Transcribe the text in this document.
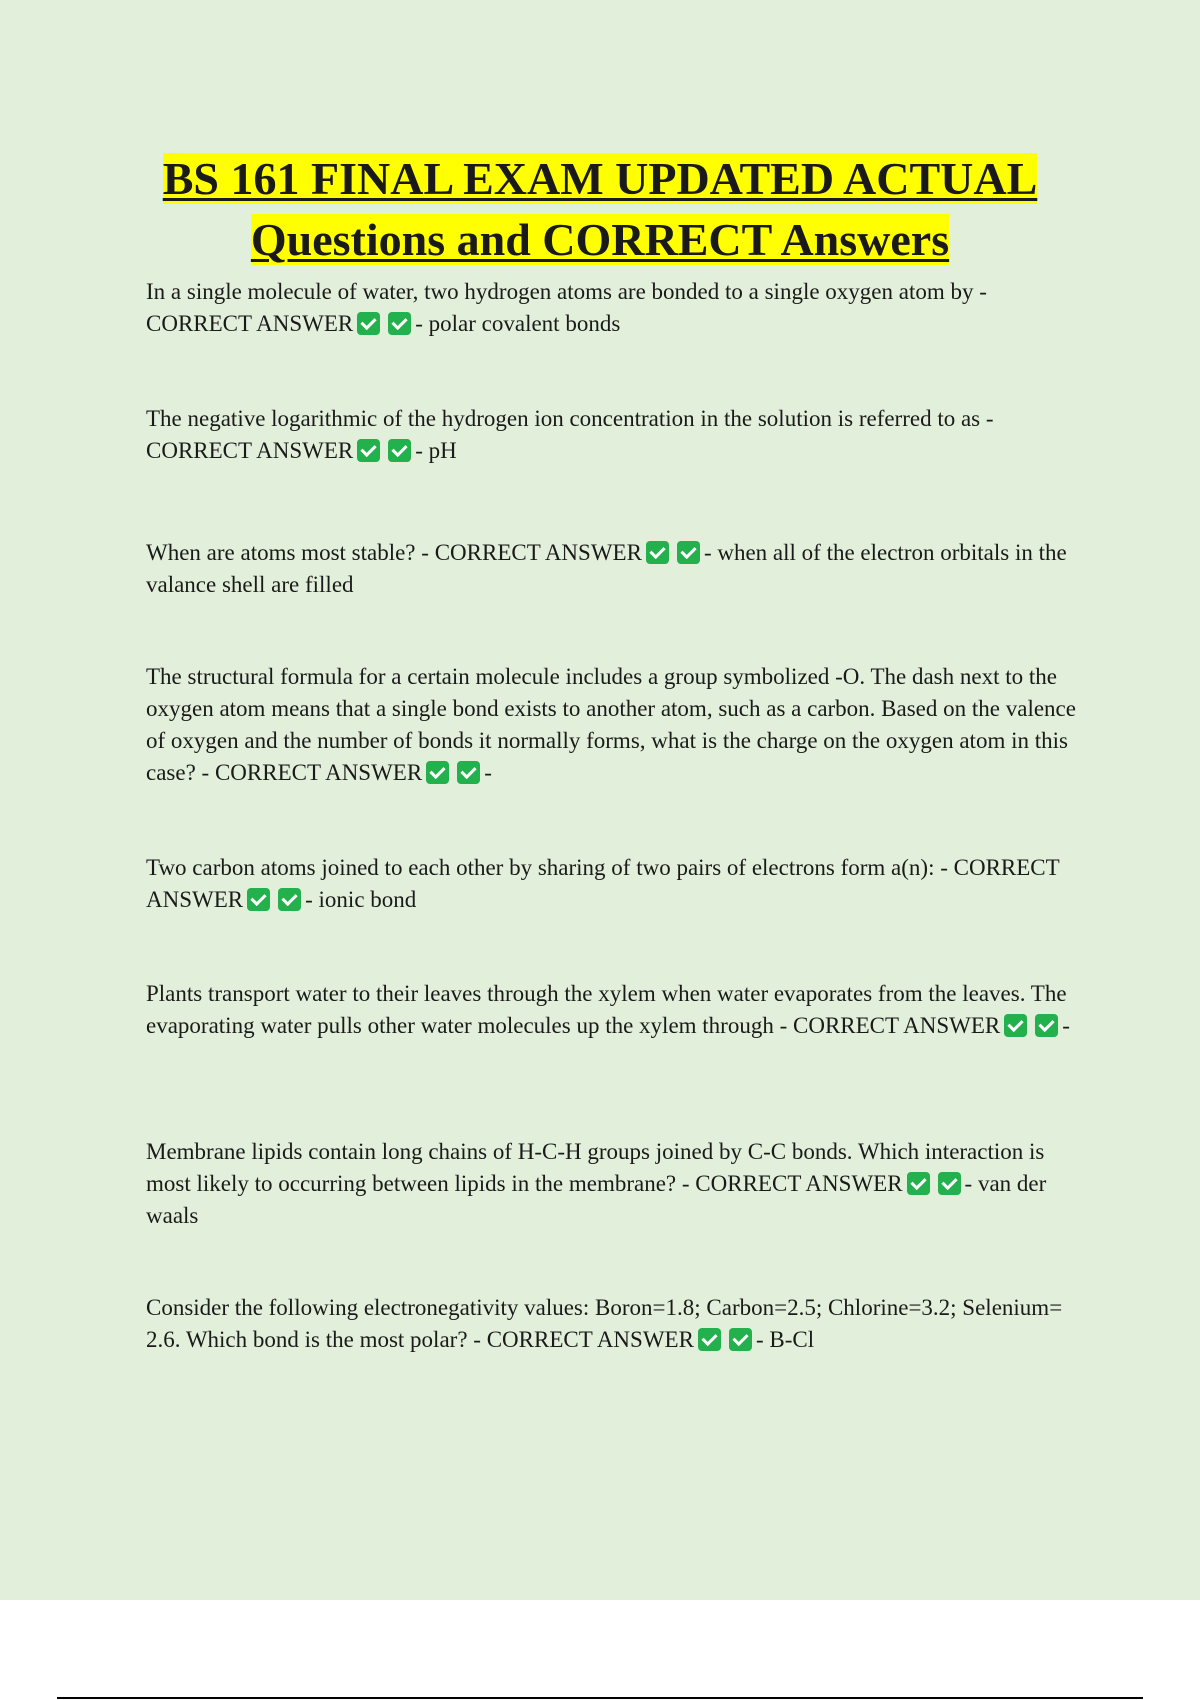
BS 161 FINAL EXAM UPDATED ACTUAL
Questions and CORRECT Answers

In a single molecule of water, two hydrogen atoms are bonded to a single oxygen atom by - CORRECT ANSWER	- polar covalent bonds

The negative logarithmic of the hydrogen ion concentration in the solution is referred to as - CORRECT ANSWER	- pH

When are atoms most stable? - CORRECT ANSWER	- when all of the electron orbitals in the valance shell are filled

The structural formula for a certain molecule includes a group symbolized -O. The dash next to the oxygen atom means that a single bond exists to another atom, such as a carbon. Based on the valence of oxygen and the number of bonds it normally forms, what is the charge on the oxygen atom in this case? - CORRECT ANSWER	-

Two carbon atoms joined to each other by sharing of two pairs of electrons form a(n): - CORRECT ANSWER	- ionic bond

Plants transport water to their leaves through the xylem when water evaporates from the leaves. The evaporating water pulls other water molecules up the xylem through - CORRECT ANSWER	-

Membrane lipids contain long chains of H-C-H groups joined by C-C bonds. Which interaction is most likely to occurring between lipids in the membrane? - CORRECT ANSWER	- van der waals

Consider the following electronegativity values: Boron=1.8; Carbon=2.5; Chlorine=3.2; Selenium= 2.6. Which bond is the most polar? - CORRECT ANSWER	- B-Cl
